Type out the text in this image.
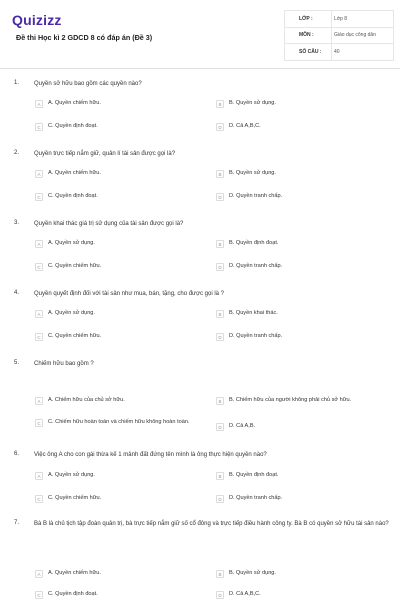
Quizizz
Đề thi Học kì 2 GDCD 8 có đáp án (Đề 3)
LỚP :	Lớp 8
MÔN :	Giáo dục công dân
SỐ CÂU :	40
1. Quyền sở hữu bao gồm các quyền nào?
A	A. Quyền chiếm hữu.	B	B. Quyền sử dụng.
C	C. Quyền định đoạt.	D	D. Cả A,B,C.
2. Quyền trực tiếp nắm giữ, quản lí tài sản được gọi là?
A	A. Quyền chiếm hữu.	B	B. Quyền sử dụng.
C	C. Quyền định đoạt.	D	D. Quyền tranh chấp.
3. Quyền khai thác giá trị sử dụng của tài sản được gọi là?
A	A. Quyền sử dụng.	B	B. Quyền định đoạt.
C	C. Quyền chiếm hữu.	D	D. Quyền tranh chấp.
4. Quyền quyết định đối với tài sản như mua, bán, tặng, cho được gọi là ?
A	A. Quyền sử dụng.	B	B. Quyền khai thác.
C	C. Quyền chiếm hữu.	D	D. Quyền tranh chấp.
5. Chiếm hữu bao gồm ?
A	A. Chiếm hữu của chủ sở hữu.	B	B. Chiếm hữu của người không phải chủ sở hữu.
C	C. Chiếm hữu hoàn toàn và chiếm hữu không hoàn toàn.
D	D. Cả A,B.
6. Việc ông A cho con gái thừa kế 1 mảnh đất đứng tên mình là ông thực hiện quyền nào?
A	A. Quyền sử dụng.	B	B. Quyền định đoạt.
C	C. Quyền chiếm hữu.	D	D. Quyền tranh chấp.
7. Bà B là chủ tịch tập đoàn quản trị, bà trực tiếp nắm giữ số cổ đông và trực tiếp điều hành công ty. Bà B có quyền sở hữu tài sản nào?
A	A. Quyền chiếm hữu.	B	B. Quyền sử dụng.
C	C. Quyền định đoạt.	D	D. Cả A,B,C.
